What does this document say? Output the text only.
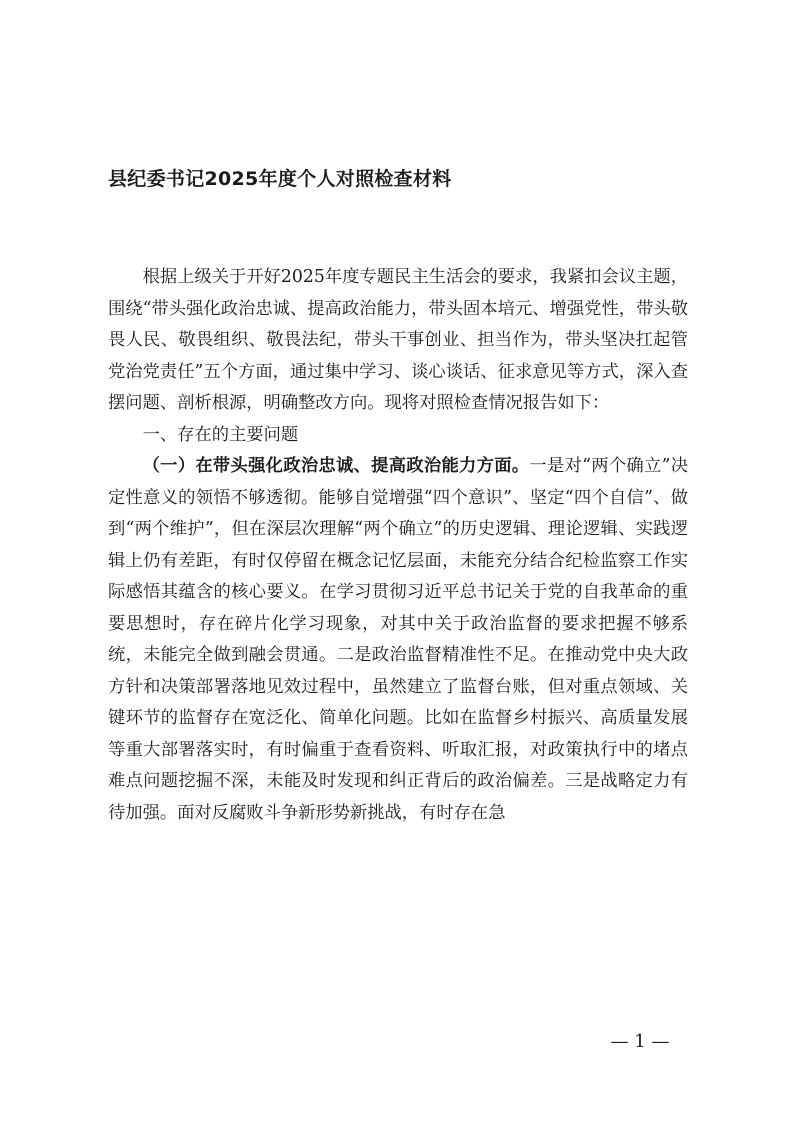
县纪委书记2025年度个人对照检查材料

根据上级关于开好2025年度专题民主生活会的要求，我紧扣会议主题，围绕“带头强化政治忠诚、提高政治能力，带头固本培元、增强党性，带头敬畏人民、敬畏组织、敬畏法纪，带头干事创业、担当作为，带头坚决扛起管党治党责任”五个方面，通过集中学习、谈心谈话、征求意见等方式，深入查摆问题、剖析根源，明确整改方向。现将对照检查情况报告如下：

一、存在的主要问题

（一）在带头强化政治忠诚、提高政治能力方面。一是对“两个确立”决定性意义的领悟不够透彻。能够自觉增强“四个意识”、坚定“四个自信”、做到“两个维护”，但在深层次理解“两个确立”的历史逻辑、理论逻辑、实践逻辑上仍有差距，有时仅停留在概念记忆层面，未能充分结合纪检监察工作实际感悟其蕴含的核心要义。在学习贯彻习近平总书记关于党的自我革命的重要思想时，存在碎片化学习现象，对其中关于政治监督的要求把握不够系统，未能完全做到融会贯通。二是政治监督精准性不足。在推动党中央大政方针和决策部署落地见效过程中，虽然建立了监督台账，但对重点领域、关键环节的监督存在宽泛化、简单化问题。比如在监督乡村振兴、高质量发展等重大部署落实时，有时偏重于查看资料、听取汇报，对政策执行中的堵点难点问题挖掘不深，未能及时发现和纠正背后的政治偏差。三是战略定力有待加强。面对反腐败斗争新形势新挑战，有时存在急

— 1 —
